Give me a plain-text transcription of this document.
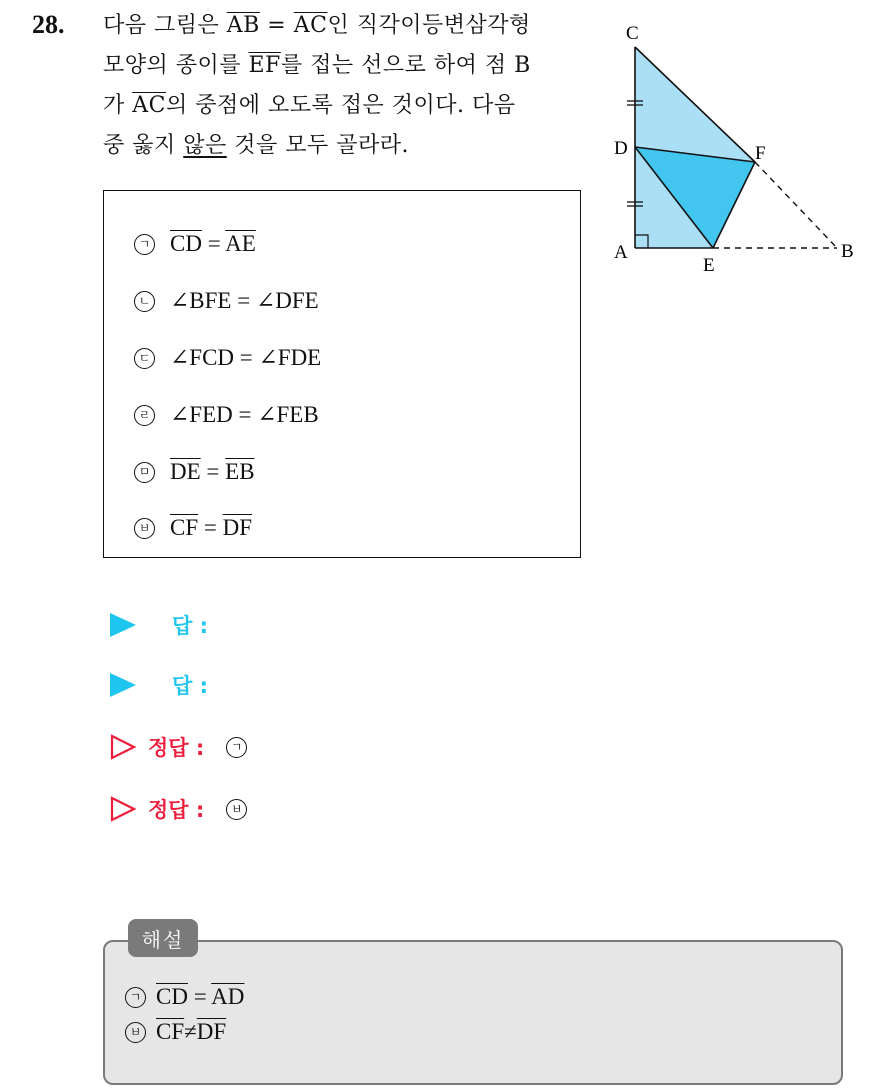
28. 다음 그림은 $\overline{AB} = \overline{AC}$인 직각이등변삼각형
모양의 종이를 $\overline{EF}$를 접는 선으로 하여 점 B
가 $\overline{AC}$의 중점에 오도록 접은 것이다. 다음
중 옳지 않은 것을 모두 골라라.
C
D	F
A
E
B
ㄱ $\overline{CD} = \overline{AE}$
ㄴ ∠BFE = ∠DFE
ㄷ ∠FCD = ∠FDE
ㄹ ∠FED = ∠FEB
ㅁ $\overline{DE} = \overline{EB}$
ㅂ $\overline{CF} = \overline{DF}$
답 :
답 :
정답 :	ㄱ
정답 :	ㅂ
해설
ㄱ $\overline{CD} = \overline{AD}$
ㅂ $\overline{CF}\ne\overline{DF}$
